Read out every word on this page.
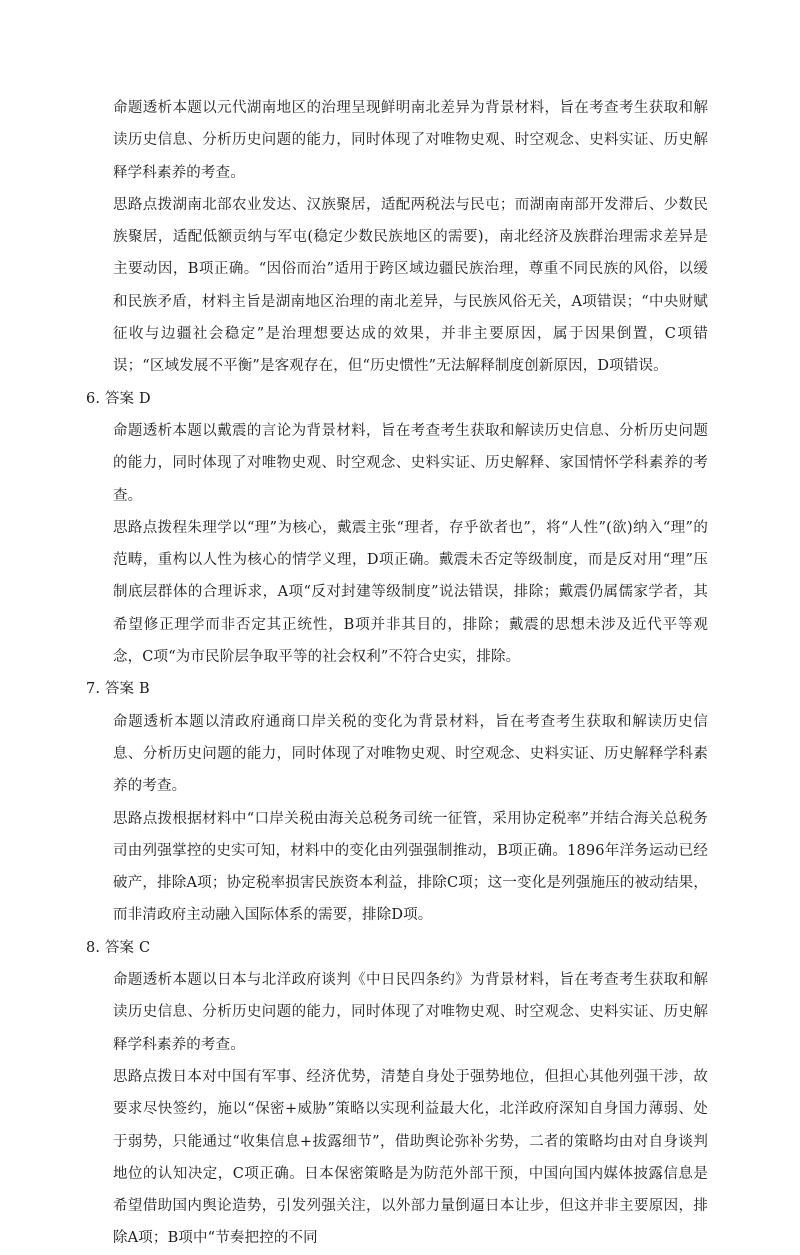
命题透析本题以元代湖南地区的治理呈现鲜明南北差异为背景材料，旨在考查考生获取和解读历史信息、分析历史问题的能力，同时体现了对唯物史观、时空观念、史料实证、历史解释学科素养的考查。

思路点拨湖南北部农业发达、汉族聚居，适配两税法与民屯；而湖南南部开发滞后、少数民族聚居，适配低额贡纳与军屯(稳定少数民族地区的需要)，南北经济及族群治理需求差异是主要动因，B项正确。“因俗而治”适用于跨区域边疆民族治理，尊重不同民族的风俗，以缓和民族矛盾，材料主旨是湖南地区治理的南北差异，与民族风俗无关，A项错误；“中央财赋征收与边疆社会稳定”是治理想要达成的效果，并非主要原因，属于因果倒置，C项错误；“区域发展不平衡”是客观存在，但“历史惯性”无法解释制度创新原因，D项错误。

6. 答案 D

命题透析本题以戴震的言论为背景材料，旨在考查考生获取和解读历史信息、分析历史问题的能力，同时体现了对唯物史观、时空观念、史料实证、历史解释、家国情怀学科素养的考查。

思路点拨程朱理学以“理”为核心，戴震主张“理者，存乎欲者也”，将“人性”(欲)纳入“理”的范畴，重构以人性为核心的情学义理，D项正确。戴震未否定等级制度，而是反对用“理”压制底层群体的合理诉求，A项“反对封建等级制度”说法错误，排除；戴震仍属儒家学者，其希望修正理学而非否定其正统性，B项并非其目的，排除；戴震的思想未涉及近代平等观念，C项“为市民阶层争取平等的社会权利”不符合史实，排除。

7. 答案 B

命题透析本题以清政府通商口岸关税的变化为背景材料，旨在考查考生获取和解读历史信息、分析历史问题的能力，同时体现了对唯物史观、时空观念、史料实证、历史解释学科素养的考查。

思路点拨根据材料中“口岸关税由海关总税务司统一征管，采用协定税率”并结合海关总税务司由列强掌控的史实可知，材料中的变化由列强强制推动，B项正确。1896年洋务运动已经破产，排除A项；协定税率损害民族资本利益，排除C项；这一变化是列强施压的被动结果，而非清政府主动融入国际体系的需要，排除D项。

8. 答案 C

命题透析本题以日本与北洋政府谈判《中日民四条约》为背景材料，旨在考查考生获取和解读历史信息、分析历史问题的能力，同时体现了对唯物史观、时空观念、史料实证、历史解释学科素养的考查。

思路点拨日本对中国有军事、经济优势，清楚自身处于强势地位，但担心其他列强干涉，故要求尽快签约，施以“保密+威胁”策略以实现利益最大化，北洋政府深知自身国力薄弱、处于弱势，只能通过“收集信息+拔露细节”，借助舆论弥补劣势，二者的策略均由对自身谈判地位的认知决定，C项正确。日本保密策略是为防范外部干预，中国向国内媒体披露信息是希望借助国内舆论造势，引发列强关注，以外部力量倒逼日本让步，但这并非主要原因，排除A项；B项中“节奏把控的不同
